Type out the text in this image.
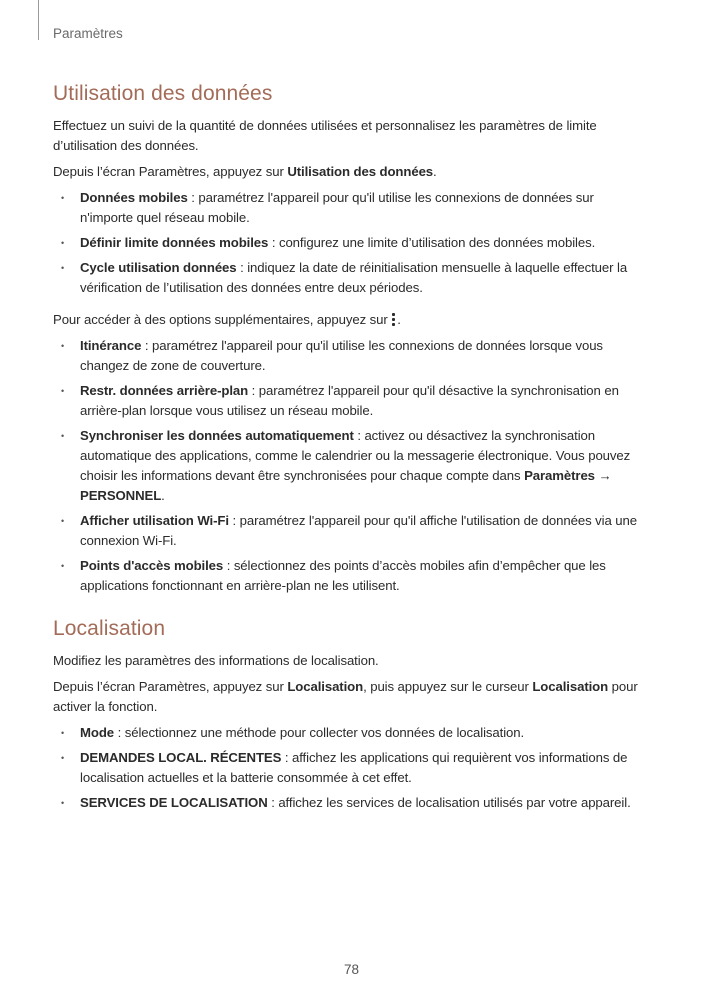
Paramètres
Utilisation des données

Effectuez un suivi de la quantité de données utilisées et personnalisez les paramètres de limite d’utilisation des données.

Depuis l’écran Paramètres, appuyez sur Utilisation des données.

• Données mobiles : paramétrez l'appareil pour qu'il utilise les connexions de données sur n'importe quel réseau mobile.
• Définir limite données mobiles : configurez une limite d’utilisation des données mobiles.
• Cycle utilisation données : indiquez la date de réinitialisation mensuelle à laquelle effectuer la vérification de l’utilisation des données entre deux périodes.

Pour accéder à des options supplémentaires, appuyez sur
.

• Itinérance : paramétrez l'appareil pour qu'il utilise les connexions de données lorsque vous changez de zone de couverture.
• Restr. données arrière-plan : paramétrez l'appareil pour qu'il désactive la synchronisation en arrière-plan lorsque vous utilisez un réseau mobile.
• Synchroniser les données automatiquement : activez ou désactivez la synchronisation automatique des applications, comme le calendrier ou la messagerie électronique. Vous pouvez choisir les informations devant être synchronisées pour chaque compte dans Paramètres → PERSONNEL.
• Afficher utilisation Wi-Fi : paramétrez l'appareil pour qu'il affiche l'utilisation de données via une connexion Wi-Fi.
• Points d'accès mobiles : sélectionnez des points d’accès mobiles afin d’empêcher que les applications fonctionnant en arrière-plan ne les utilisent.
Localisation

Modifiez les paramètres des informations de localisation.

Depuis l’écran Paramètres, appuyez sur Localisation, puis appuyez sur le curseur Localisation pour activer la fonction.

• Mode : sélectionnez une méthode pour collecter vos données de localisation.
• DEMANDES LOCAL. RÉCENTES : affichez les applications qui requièrent vos informations de localisation actuelles et la batterie consommée à cet effet.
• SERVICES DE LOCALISATION : affichez les services de localisation utilisés par votre appareil.
78
